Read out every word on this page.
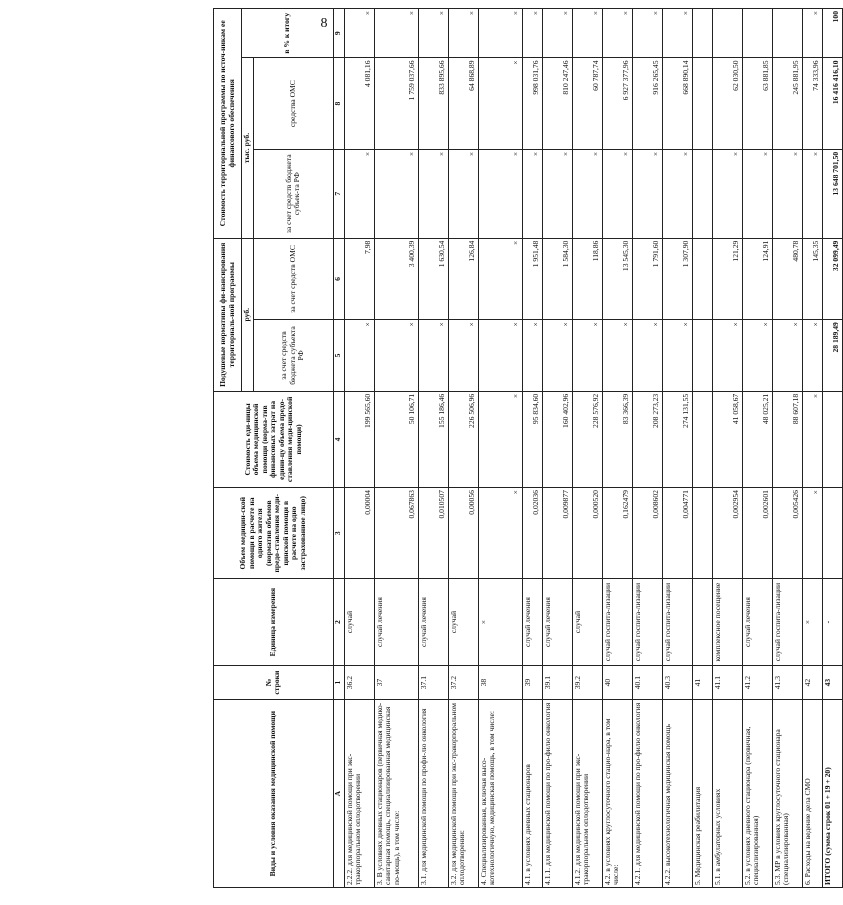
8
Виды и условия оказания медицинской помощи	№ строки	Единица измерения	Объем медицин-ской помощи в расчете на одного жителя (норматив объемов предо-ставления меди-цинской помощи в расчете на одно застрахованное лицо)	Стоимость еди-ницы объема медицинской помощи (норма-тив финансовых затрат на едини-цу объема предо-ставления меди-цинской помощи)	Подушевые нормативы фи-нансирования территориаль-ной программы		Стоимость территориальной программы по источ-никам ее финансового обеспечения		
					руб.		тыс. руб.		в % к итогу
					за счет средств бюджета субъекта РФ	за счет средств ОМС	за счет средств бюджета субъек-та РФ	средства ОМС	
А	1	2	3	4	5	6	7	8	9
2.2.2. для медицинской помощи при экс-тракорпоральном оплодотворении	36.2	случай	0,00004	199 565,60	×	7,98	×	4 081,16	×
3. В условиях дневных стационаров (первичная медико-санитарная помощь, специализированная медицинская по-мощь), в том числе:	37	случай лечения	0,067863	50 106,71	×	3 400,39	×	1 759 037,66	×
3.1. для медицинской помощи по профи-лю онкология	37.1	случай лечения	0,010507	155 186,46	×	1 630,54	×	833 895,66	×
3.2. для медицинской помощи при экс-тракорпоральном оплодотворении:	37.2	случай	0,00056	226 506,96	×	126,84	×	64 868,89	×
4. Специализированная, включая высо-котехнологичную, медицинская помощь, в том числе:	38	×	×	×	×	×	×	×	×
4.1. в условиях дневных стационаров	39	случай лечения	0,02036	95 834,60	×	1 951,48	×	998 031,76	×
4.1.1. для медицинской помощи по про-филю онкология	39.1	случай лечения	0,009877	160 402,96	×	1 584,30	×	810 247,46	×
4.1.2. для медицинской помощи при экс-тракорпоральном оплодотворении	39.2	случай	0,000520	228 576,92	×	118,86	×	60 787,74	×
4.2. в условиях круглосуточного стацио-нара, в том числе:	40	случай госпита-лизации	0,162479	83 366,39	×	13 545,30	×	6 927 377,96	×
4.2.1. для медицинской помощи по про-филю онкология	40.1	случай госпита-лизации	0,008602	208 273,23	×	1 791,60	×	916 265,45	×
4.2.2. высокотехнологичная медицинская помощь	40.3	случай госпита-лизации	0,004771	274 131,55	×	1 307,90	×	668 890,14	×
5. Медицинская реабилитация	41								
5.1. в амбулаторных условиях	41.1	комплексное посещение	0,002954	41 058,67	×	121,29	×	62 030,50	
5.2. в условиях дневного стационара (первичная, специализированная)	41.2	случай лечения	0,002601	48 025,21	×	124,91	×	63 881,85	
5.3. МР в условиях круглосуточного стационара (специализированная)	41.3	случай госпита-лизации	0,005426	88 607,18	×	480,78	×	245 881,95	
6. Расходы на ведение дела СМО	42	×	×	×	×	145,35	×	74 333,96	×
ИТОГО (сумма строк 01 + 19 + 20)	43	-			28 189,49	32 099,49	13 648 701,50	16 416 416,10	100
